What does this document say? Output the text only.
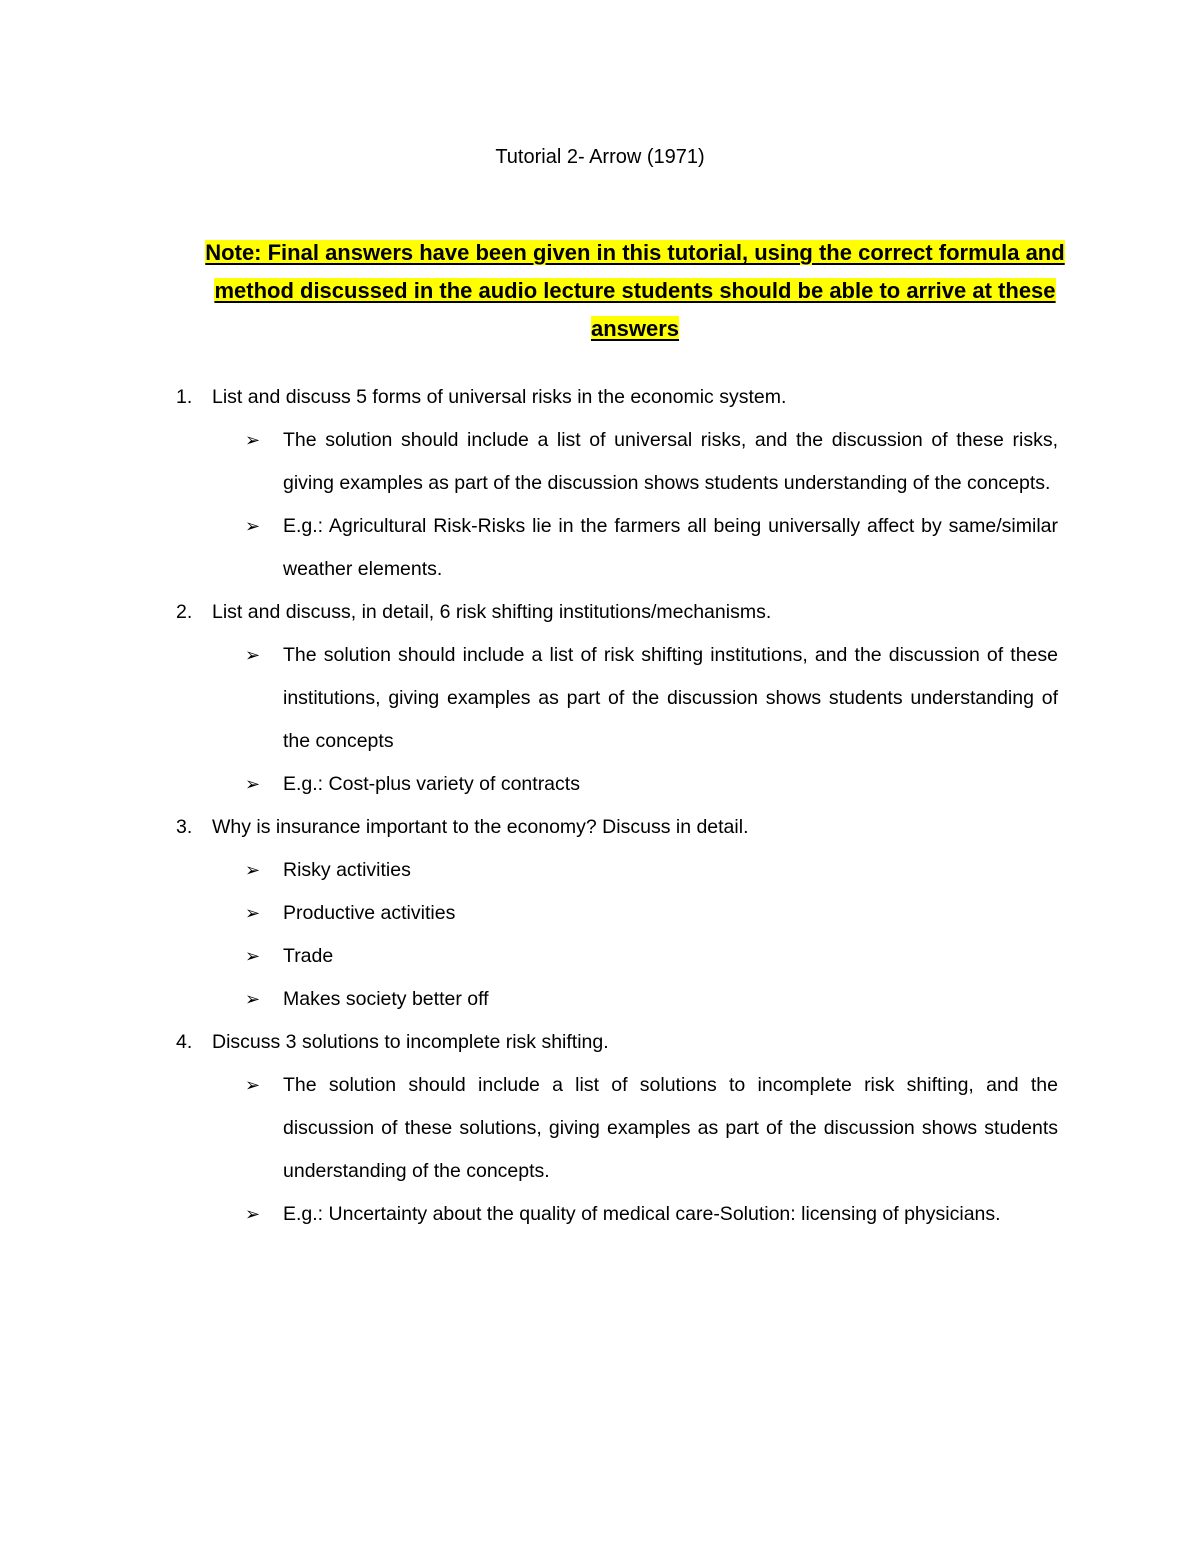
Tutorial 2- Arrow (1971)
Note: Final answers have been given in this tutorial, using the correct formula and method discussed in the audio lecture students should be able to arrive at these answers
1. List and discuss 5 forms of universal risks in the economic system.
➢ The solution should include a list of universal risks, and the discussion of these risks, giving examples as part of the discussion shows students understanding of the concepts.
➢ E.g.: Agricultural Risk-Risks lie in the farmers all being universally affect by same/similar weather elements.
2. List and discuss, in detail, 6 risk shifting institutions/mechanisms.
➢ The solution should include a list of risk shifting institutions, and the discussion of these institutions, giving examples as part of the discussion shows students understanding of the concepts
➢ E.g.: Cost-plus variety of contracts
3. Why is insurance important to the economy? Discuss in detail.
➢ Risky activities
➢ Productive activities
➢ Trade
➢ Makes society better off
4. Discuss 3 solutions to incomplete risk shifting.
➢ The solution should include a list of solutions to incomplete risk shifting, and the discussion of these solutions, giving examples as part of the discussion shows students understanding of the concepts.
➢ E.g.: Uncertainty about the quality of medical care-Solution: licensing of physicians.
